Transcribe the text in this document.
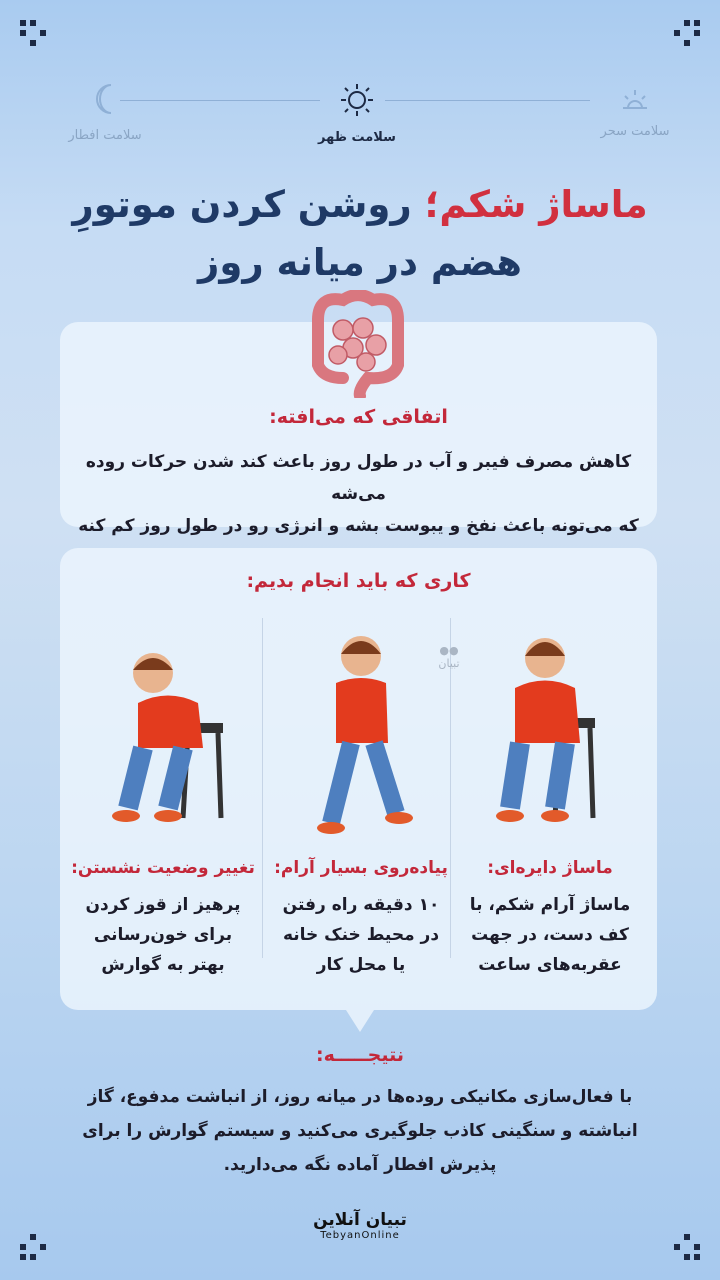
سلامت سحر
سلامت ظهر
سلامت افطار
ماساژ شکم؛ روشن کردن موتورِ
هضم در میانه روز
اتفاقی که می‌افته:
کاهش مصرف فیبر و آب در طول روز باعث کند شدن حرکات روده می‌شه
که می‌تونه باعث نفخ و یبوست بشه و انرژی رو در طول روز کم کنه
کاری که باید انجام بدیم:
●●
تبیان
ماساژ دایره‌ای:
ماساژ آرام شکم، با کف دست، در جهت عقربه‌های ساعت
پیاده‌روی بسیار آرام:
۱۰ دقیقه راه رفتن در محیط خنک خانه یا محل کار
تغییر وضعیت نشستن:
پرهیز از قوز کردن برای خون‌رسانی بهتر به گوارش
نتیجـــــه:
با فعال‌سازی مکانیکی روده‌ها در میانه روز، از انباشت مدفوع، گاز انباشته و سنگینی کاذب جلوگیری می‌کنید و سیستم گوارش را برای پذیرش افطار آماده نگه می‌دارید.
تبیان آنلاین
TebyanOnline
